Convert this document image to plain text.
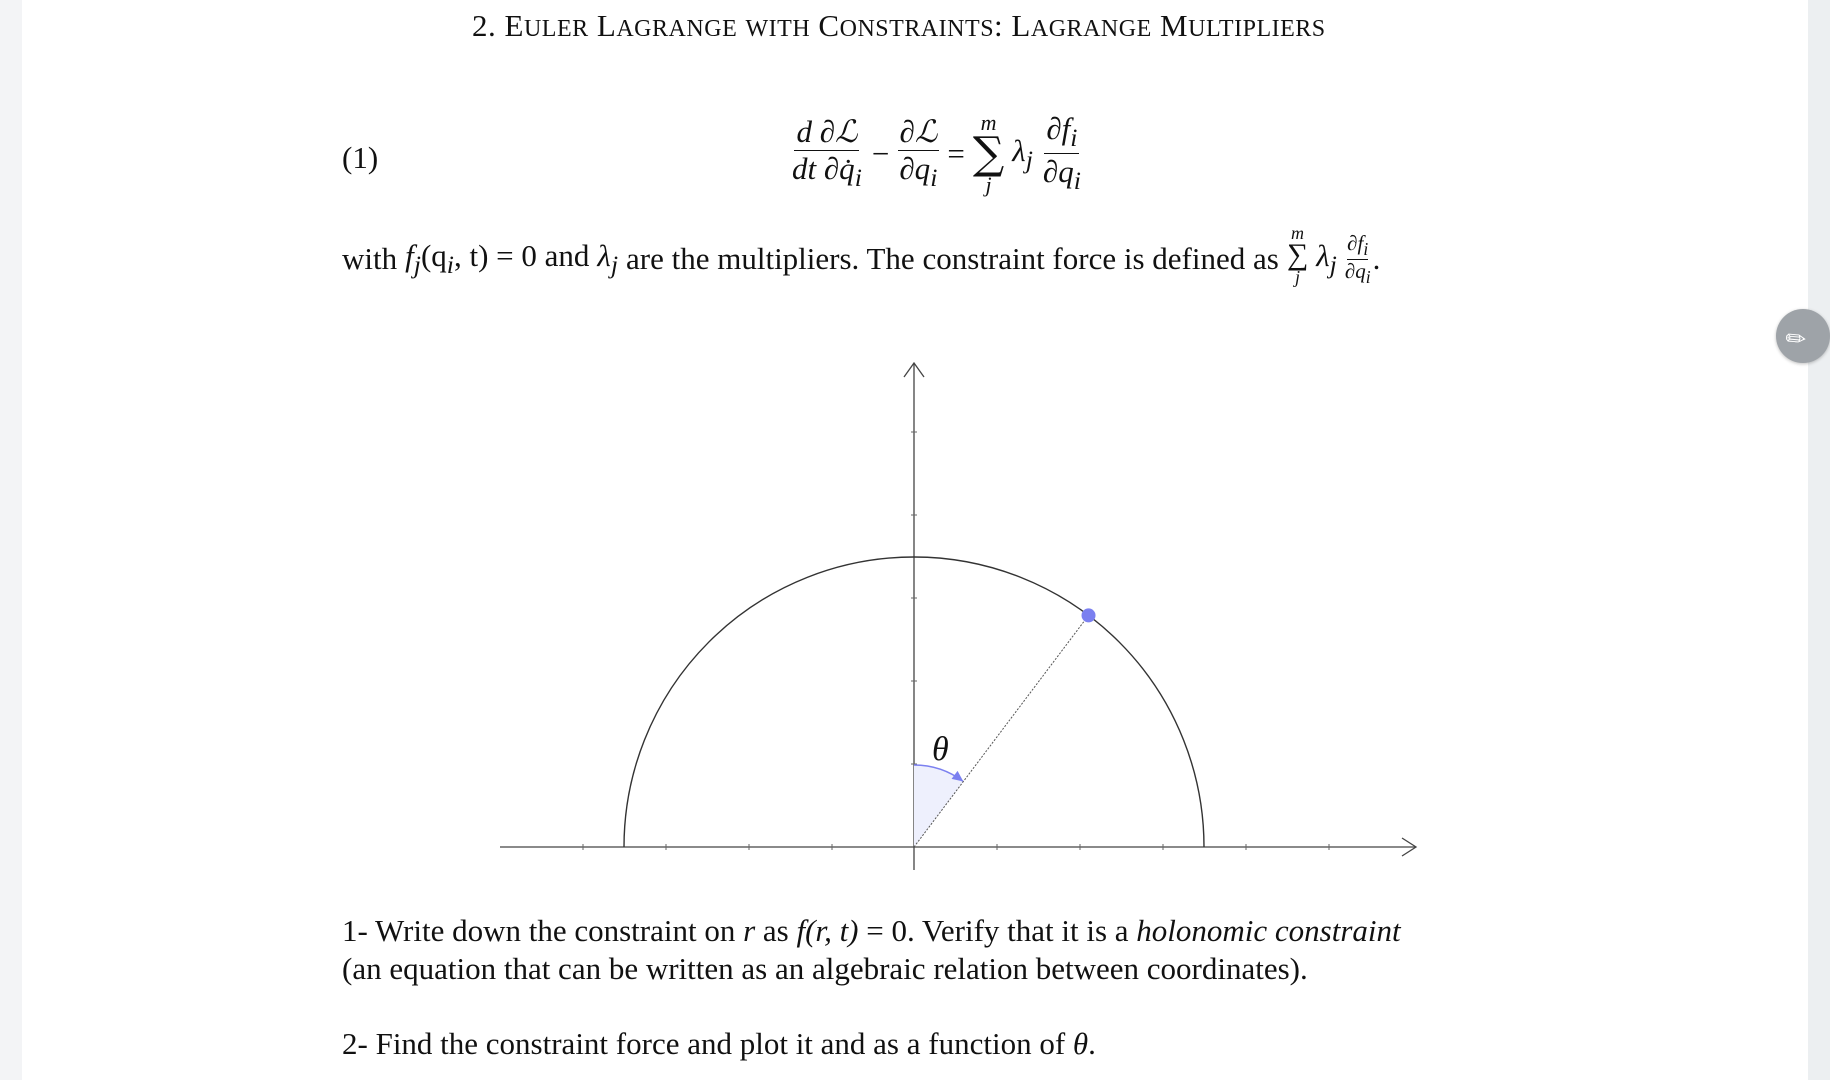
2. EULER LAGRANGE WITH CONSTRAINTS: LAGRANGE MULTIPLIERS
(1)	$\frac{\text{d ∂ℒ}}{dt \partial q̇_i} - \frac{\text{∂ℒ}}{\partial q_i}$ =
m
∑
j
$\lambda_j \frac{\partial f_i}{\partial q_i}$
with $f_j(q_i$, t) = 0 and $\lambda_j$ are the multipliers. The constraint force is defined as
m
∑
j
$\lambda_j \frac{\partial f_i}{\partial q_i}$ .
θ
1- Write down the constraint on r as f(r, t) = 0. Verify that it is a holonomic constraint
(an equation that can be written as an algebraic relation between coordinates).
2- Find the constraint force and plot it and as a function of θ.
✎
